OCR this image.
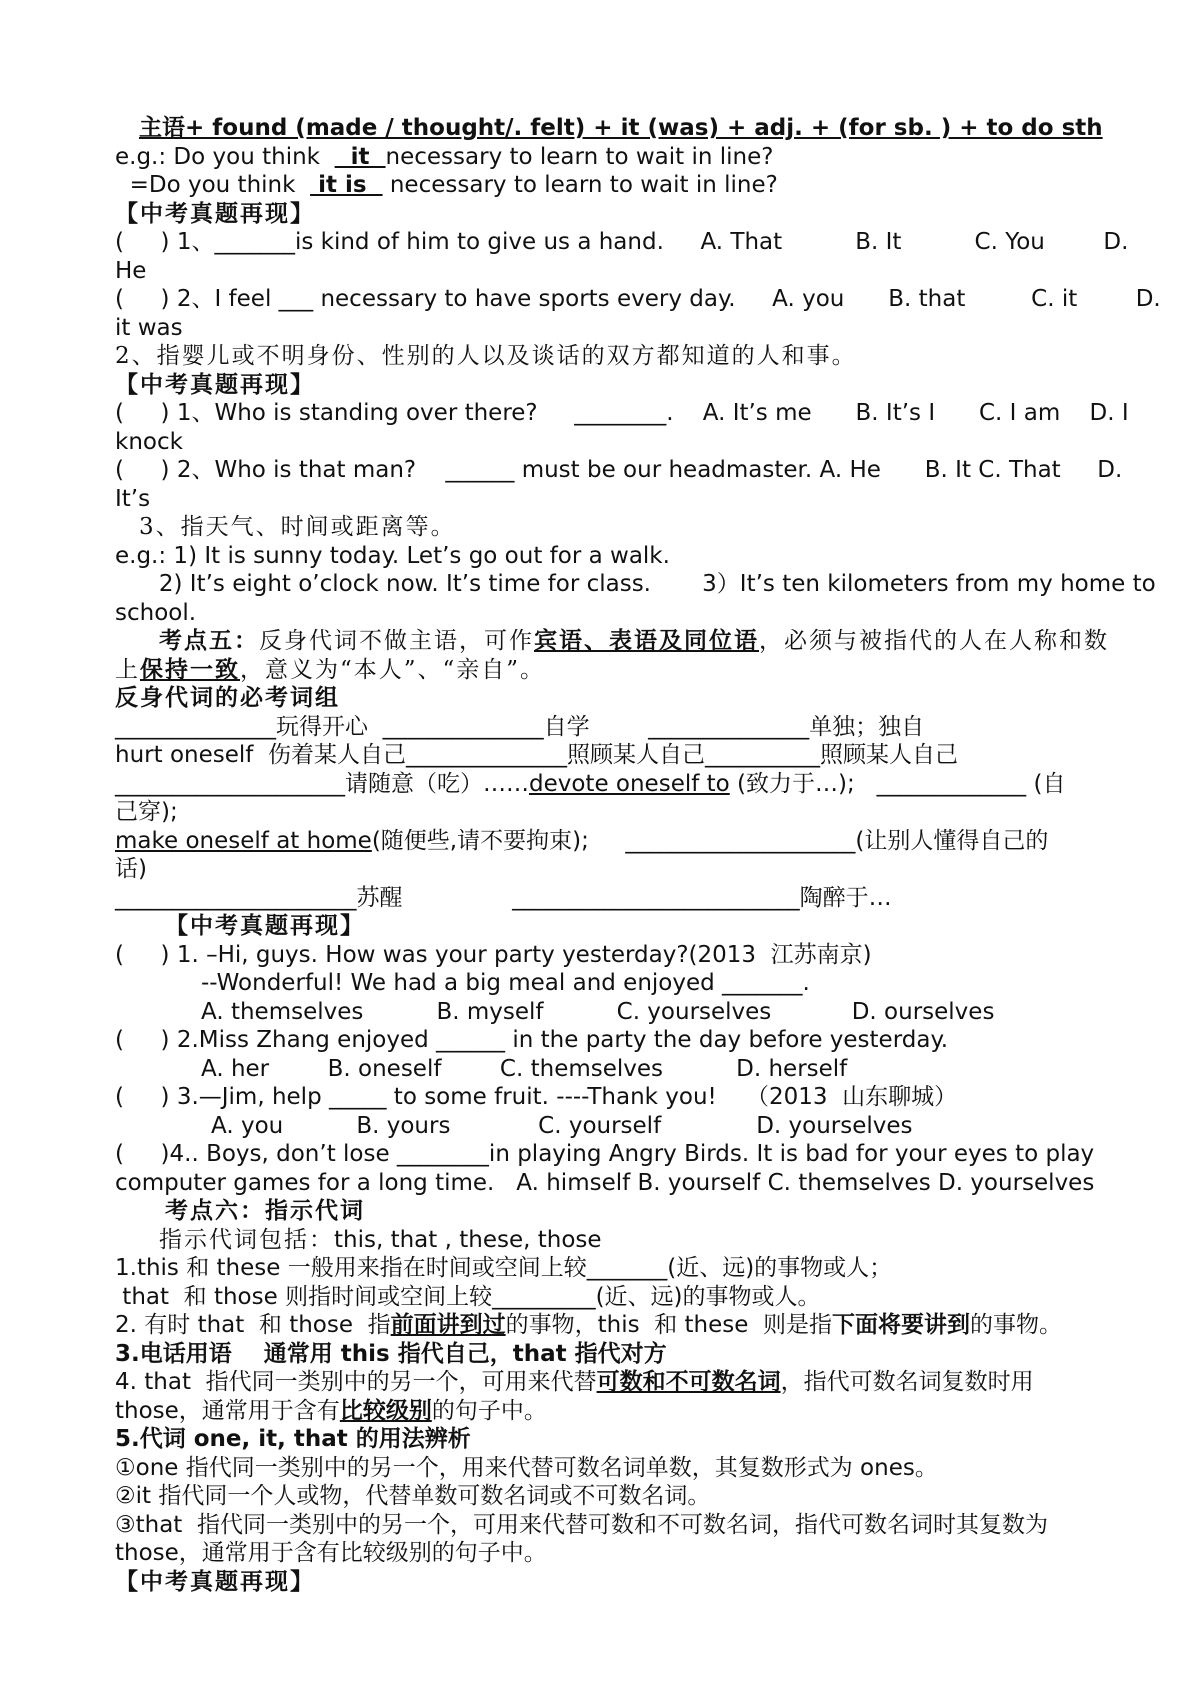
主语+ found (made / thought/. felt) + it (was) + adj. + (for sb. ) + to do sth
e.g.: Do you think    it  necessary to learn to wait in line?
=Do you think   it is   necessary to learn to wait in line?
【中考真题再现】
(     ) 1、_______is kind of him to give us a hand.     A. That          B. It          C. You        D.
He
(     ) 2、I feel ___ necessary to have sports every day.     A. you      B. that         C. it        D.
it was
2、指婴儿或不明身份、性别的人以及谈话的双方都知道的人和事。
【中考真题再现】
(     ) 1、Who is standing over there?     ________.    A. It’s me      B. It’s I      C. I am    D. I
knock
(     ) 2、Who is that man?    ______ must be our headmaster. A. He      B. It C. That     D.
It’s
3、指天气、时间或距离等。
e.g.: 1) It is sunny today. Let’s go out for a walk.
2) It’s eight o’clock now. It’s time for class.       3）It’s ten kilometers from my home to
school.
考点五：反身代词不做主语，可作宾语、表语及同位语，必须与被指代的人在人称和数
上保持一致，意义为“本人”、“亲自”。
反身代词的必考词组
______________玩得开心  ______________自学        ______________单独；独自
hurt oneself  伤着某人自己______________照顾某人自己__________照顾某人自己
____________________请随意（吃）……devote oneself to (致力于…);   _____________ (自
己穿);
make oneself at home(随便些,请不要拘束);     ____________________(让别人懂得自己的
话)
_____________________苏醒               _________________________陶醉于…
【中考真题再现】
(     ) 1. –Hi, guys. How was your party yesterday?(2013  江苏南京)
--Wonderful! We had a big meal and enjoyed _______.
A. themselves          B. myself          C. yourselves           D. ourselves
(     ) 2.Miss Zhang enjoyed ______ in the party the day before yesterday.
A. her        B. oneself        C. themselves          D. herself
(     ) 3.—Jim, help _____ to some fruit. ----Thank you!    （2013  山东聊城）
A. you          B. yours            C. yourself             D. yourselves
(     )4.. Boys, don’t lose ________in playing Angry Birds. It is bad for your eyes to play
computer games for a long time.   A. himself B. yourself C. themselves D. yourselves
考点六：指示代词
指示代词包括：this, that , these, those
1.this 和 these 一般用来指在时间或空间上较_______(近、远)的事物或人；
that  和 those 则指时间或空间上较_________(近、远)的事物或人。
2. 有时 that  和 those  指前面讲到过的事物，this  和 these  则是指下面将要讲到的事物。
3.电话用语    通常用 this 指代自己，that 指代对方
4. that  指代同一类别中的另一个，可用来代替可数和不可数名词，指代可数名词复数时用
those，通常用于含有比较级别的句子中。
5.代词 one, it, that 的用法辨析
①one 指代同一类别中的另一个，用来代替可数名词单数，其复数形式为 ones。
②it 指代同一个人或物，代替单数可数名词或不可数名词。
③that  指代同一类别中的另一个，可用来代替可数和不可数名词，指代可数名词时其复数为
those，通常用于含有比较级别的句子中。
【中考真题再现】
